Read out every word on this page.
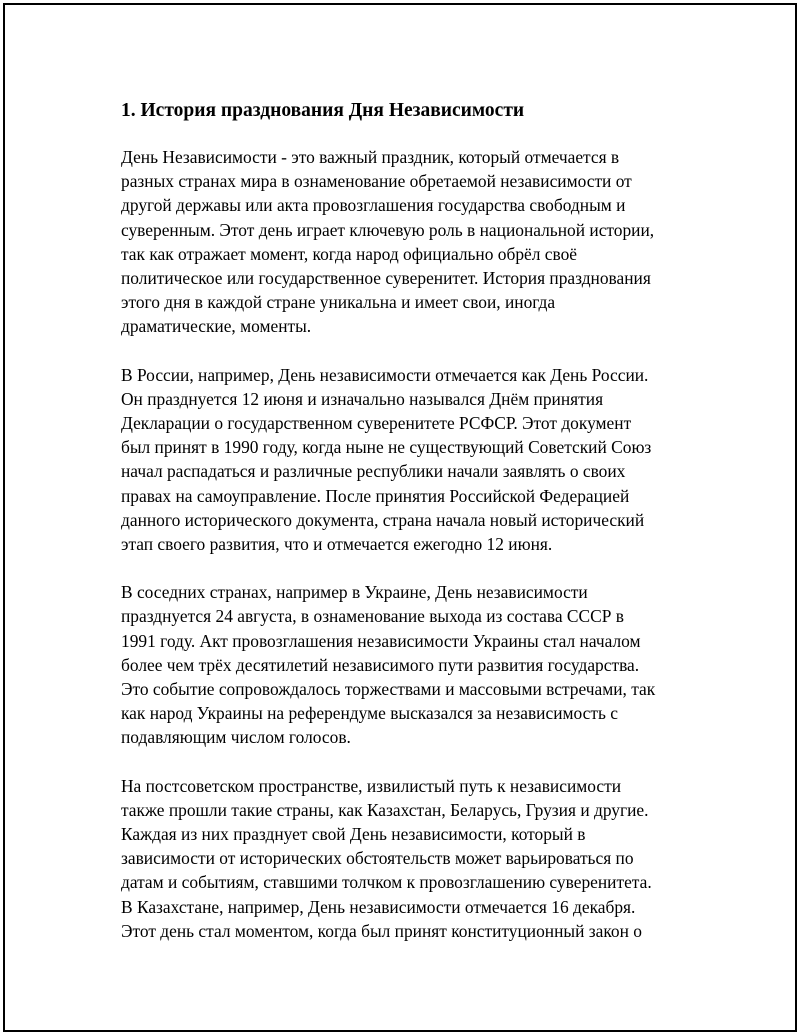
1. История празднования Дня Независимости

День Независимости - это важный праздник, который отмечается в
разных странах мира в ознаменование обретаемой независимости от
другой державы или акта провозглашения государства свободным и
суверенным. Этот день играет ключевую роль в национальной истории,
так как отражает момент, когда народ официально обрёл своё
политическое или государственное суверенитет. История празднования
этого дня в каждой стране уникальна и имеет свои, иногда
драматические, моменты.

В России, например, День независимости отмечается как День России.
Он празднуется 12 июня и изначально назывался Днём принятия
Декларации о государственном суверенитете РСФСР. Этот документ
был принят в 1990 году, когда ныне не существующий Советский Союз
начал распадаться и различные республики начали заявлять о своих
правах на самоуправление. После принятия Российской Федерацией
данного исторического документа, страна начала новый исторический
этап своего развития, что и отмечается ежегодно 12 июня.

В соседних странах, например в Украине, День независимости
празднуется 24 августа, в ознаменование выхода из состава СССР в
1991 году. Акт провозглашения независимости Украины стал началом
более чем трёх десятилетий независимого пути развития государства.
Это событие сопровождалось торжествами и массовыми встречами, так
как народ Украины на референдуме высказался за независимость с
подавляющим числом голосов.

На постсоветском пространстве, извилистый путь к независимости
также прошли такие страны, как Казахстан, Беларусь, Грузия и другие.
Каждая из них празднует свой День независимости, который в
зависимости от исторических обстоятельств может варьироваться по
датам и событиям, ставшими толчком к провозглашению суверенитета.
В Казахстане, например, День независимости отмечается 16 декабря.
Этот день стал моментом, когда был принят конституционный закон о
